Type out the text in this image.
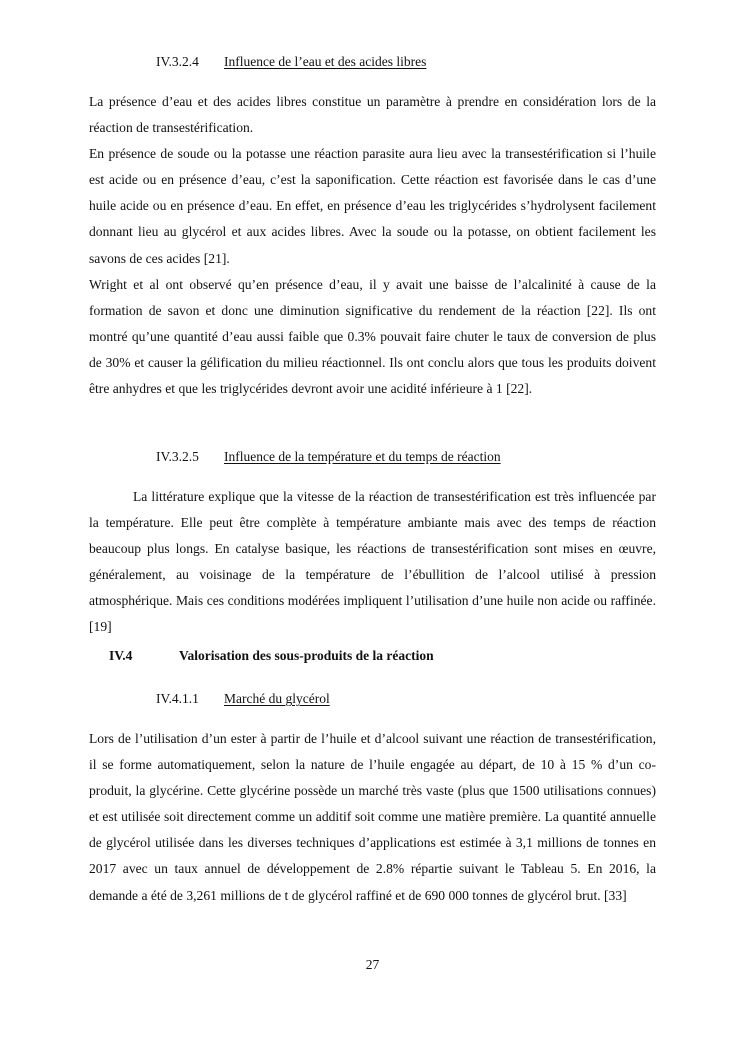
IV.3.2.4 Influence de l’eau et des acides libres

La présence d’eau et des acides libres constitue un paramètre à prendre en considération lors de la réaction de transestérification.

En présence de soude ou la potasse une réaction parasite aura lieu avec la transestérification si l’huile est acide ou en présence d’eau, c’est la saponification. Cette réaction est favorisée dans le cas d’une huile acide ou en présence d’eau. En effet, en présence d’eau les triglycérides s’hydrolysent facilement donnant lieu au glycérol et aux acides libres. Avec la soude ou la potasse, on obtient facilement les savons de ces acides [21].

Wright et al ont observé qu’en présence d’eau, il y avait une baisse de l’alcalinité à cause de la formation de savon et donc une diminution significative du rendement de la réaction [22]. Ils ont montré qu’une quantité d’eau aussi faible que 0.3% pouvait faire chuter le taux de conversion de plus de 30% et causer la gélification du milieu réactionnel. Ils ont conclu alors que tous les produits doivent être anhydres et que les triglycérides devront avoir une acidité inférieure à 1 [22].

IV.3.2.5 Influence de la température et du temps de réaction

La littérature explique que la vitesse de la réaction de transestérification est très influencée par la température. Elle peut être complète à température ambiante mais avec des temps de réaction beaucoup plus longs. En catalyse basique, les réactions de transestérification sont mises en œuvre, généralement, au voisinage de la température de l’ébullition de l’alcool utilisé à pression atmosphérique. Mais ces conditions modérées impliquent l’utilisation d’une huile non acide ou raffinée. [19]

IV.4	Valorisation des sous-produits de la réaction
IV.4.1.1 Marché du glycérol

Lors de l’utilisation d’un ester à partir de l’huile et d’alcool suivant une réaction de transestérification, il se forme automatiquement, selon la nature de l’huile engagée au départ, de 10 à 15 % d’un co-produit, la glycérine. Cette glycérine possède un marché très vaste (plus que 1500 utilisations connues) et est utilisée soit directement comme un additif soit comme une matière première. La quantité annuelle de glycérol utilisée dans les diverses techniques d’applications est estimée à 3,1 millions de tonnes en 2017 avec un taux annuel de développement de 2.8% répartie suivant le Tableau 5. En 2016, la demande a été de 3,261 millions de t de glycérol raffiné et de 690 000 tonnes de glycérol brut. [33]

27
